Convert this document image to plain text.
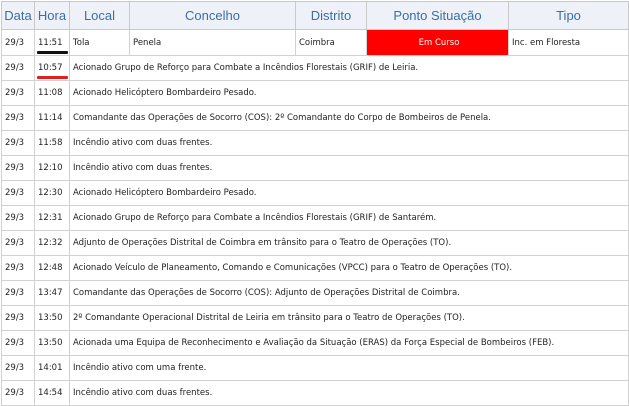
Data	Hora	Local	Concelho	Distrito	Ponto Situação	Tipo
29/3	11:51	Tola	Penela	Coimbra	Em Curso	Inc. em Floresta
29/3	10:57	Acionado Grupo de Reforço para Combate a Incêndios Florestais (GRIF) de Leiria.				
29/3	11:08	Acionado Helicóptero Bombardeiro Pesado.				
29/3	11:14	Comandante das Operações de Socorro (COS): 2º Comandante do Corpo de Bombeiros de Penela.				
29/3	11:58	Incêndio ativo com duas frentes.				
29/3	12:10	Incêndio ativo com duas frentes.				
29/3	12:30	Acionado Helicóptero Bombardeiro Pesado.				
29/3	12:31	Acionado Grupo de Reforço para Combate a Incêndios Florestais (GRIF) de Santarém.				
29/3	12:32	Adjunto de Operações Distrital de Coimbra em trânsito para o Teatro de Operações (TO).				
29/3	12:48	Acionado Veículo de Planeamento, Comando e Comunicações (VPCC) para o Teatro de Operações (TO).				
29/3	13:47	Comandante das Operações de Socorro (COS): Adjunto de Operações Distrital de Coimbra.				
29/3	13:50	2º Comandante Operacional Distrital de Leiria em trânsito para o Teatro de Operações (TO).				
29/3	13:50	Acionada uma Equipa de Reconhecimento e Avaliação da Situação (ERAS) da Força Especial de Bombeiros (FEB).				
29/3	14:01	Incêndio ativo com uma frente.				
29/3	14:54	Incêndio ativo com duas frentes.				
